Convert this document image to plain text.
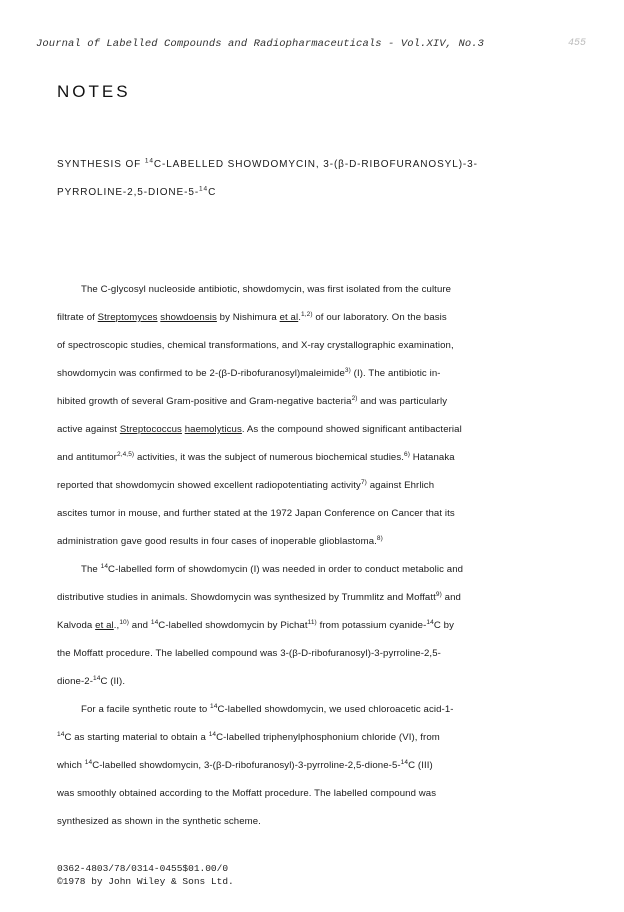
Journal of Labelled Compounds and Radiopharmaceuticals - Vol.XIV, No.3	455
NOTES
SYNTHESIS OF $^{14}$C-LABELLED SHOWDOMYCIN, 3-(β-D-RIBOFURANOSYL)-3-
PYRROLINE-2,5-DIONE-5-$^{14}$C
The C-glycosyl nucleoside antibiotic, showdomycin, was first isolated from the culture
filtrate of Streptomyces showdoensis by Nishimura et al.$^{1,2)}$ of our laboratory. On the basis
of spectroscopic studies, chemical transformations, and X-ray crystallographic examination,
showdomycin was confirmed to be 2-(β-D-ribofuranosyl)maleimide$^{3)}$ (I). The antibiotic in-
hibited growth of several Gram-positive and Gram-negative bacteria$^{2)}$ and was particularly
active against Streptococcus haemolyticus. As the compound showed significant antibacterial
and antitumor$^{2,4,5)}$ activities, it was the subject of numerous biochemical studies.$^{6)}$ Hatanaka
reported that showdomycin showed excellent radiopotentiating activity$^{7)}$ against Ehrlich
ascites tumor in mouse, and further stated at the 1972 Japan Conference on Cancer that its
administration gave good results in four cases of inoperable glioblastoma.$^{8)}$
The $^{14}$C-labelled form of showdomycin (I) was needed in order to conduct metabolic and
distributive studies in animals. Showdomycin was synthesized by Trummlitz and Moffatt$^{9)}$ and
Kalvoda et al.,$^{10)}$ and $^{14}$C-labelled showdomycin by Pichat$^{11)}$ from potassium cyanide-$^{14}$C by
the Moffatt procedure. The labelled compound was 3-(β-D-ribofuranosyl)-3-pyrroline-2,5-
dione-2-$^{14}$C (II).
For a facile synthetic route to $^{14}$C-labelled showdomycin, we used chloroacetic acid-1-
$^{14}$C as starting material to obtain a $^{14}$C-labelled triphenylphosphonium chloride (VI), from
which $^{14}$C-labelled showdomycin, 3-(β-D-ribofuranosyl)-3-pyrroline-2,5-dione-5-$^{14}$C (III)
was smoothly obtained according to the Moffatt procedure. The labelled compound was
synthesized as shown in the synthetic scheme.
0362-4803/78/0314-0455$01.00/0
©1978 by John Wiley & Sons Ltd.
